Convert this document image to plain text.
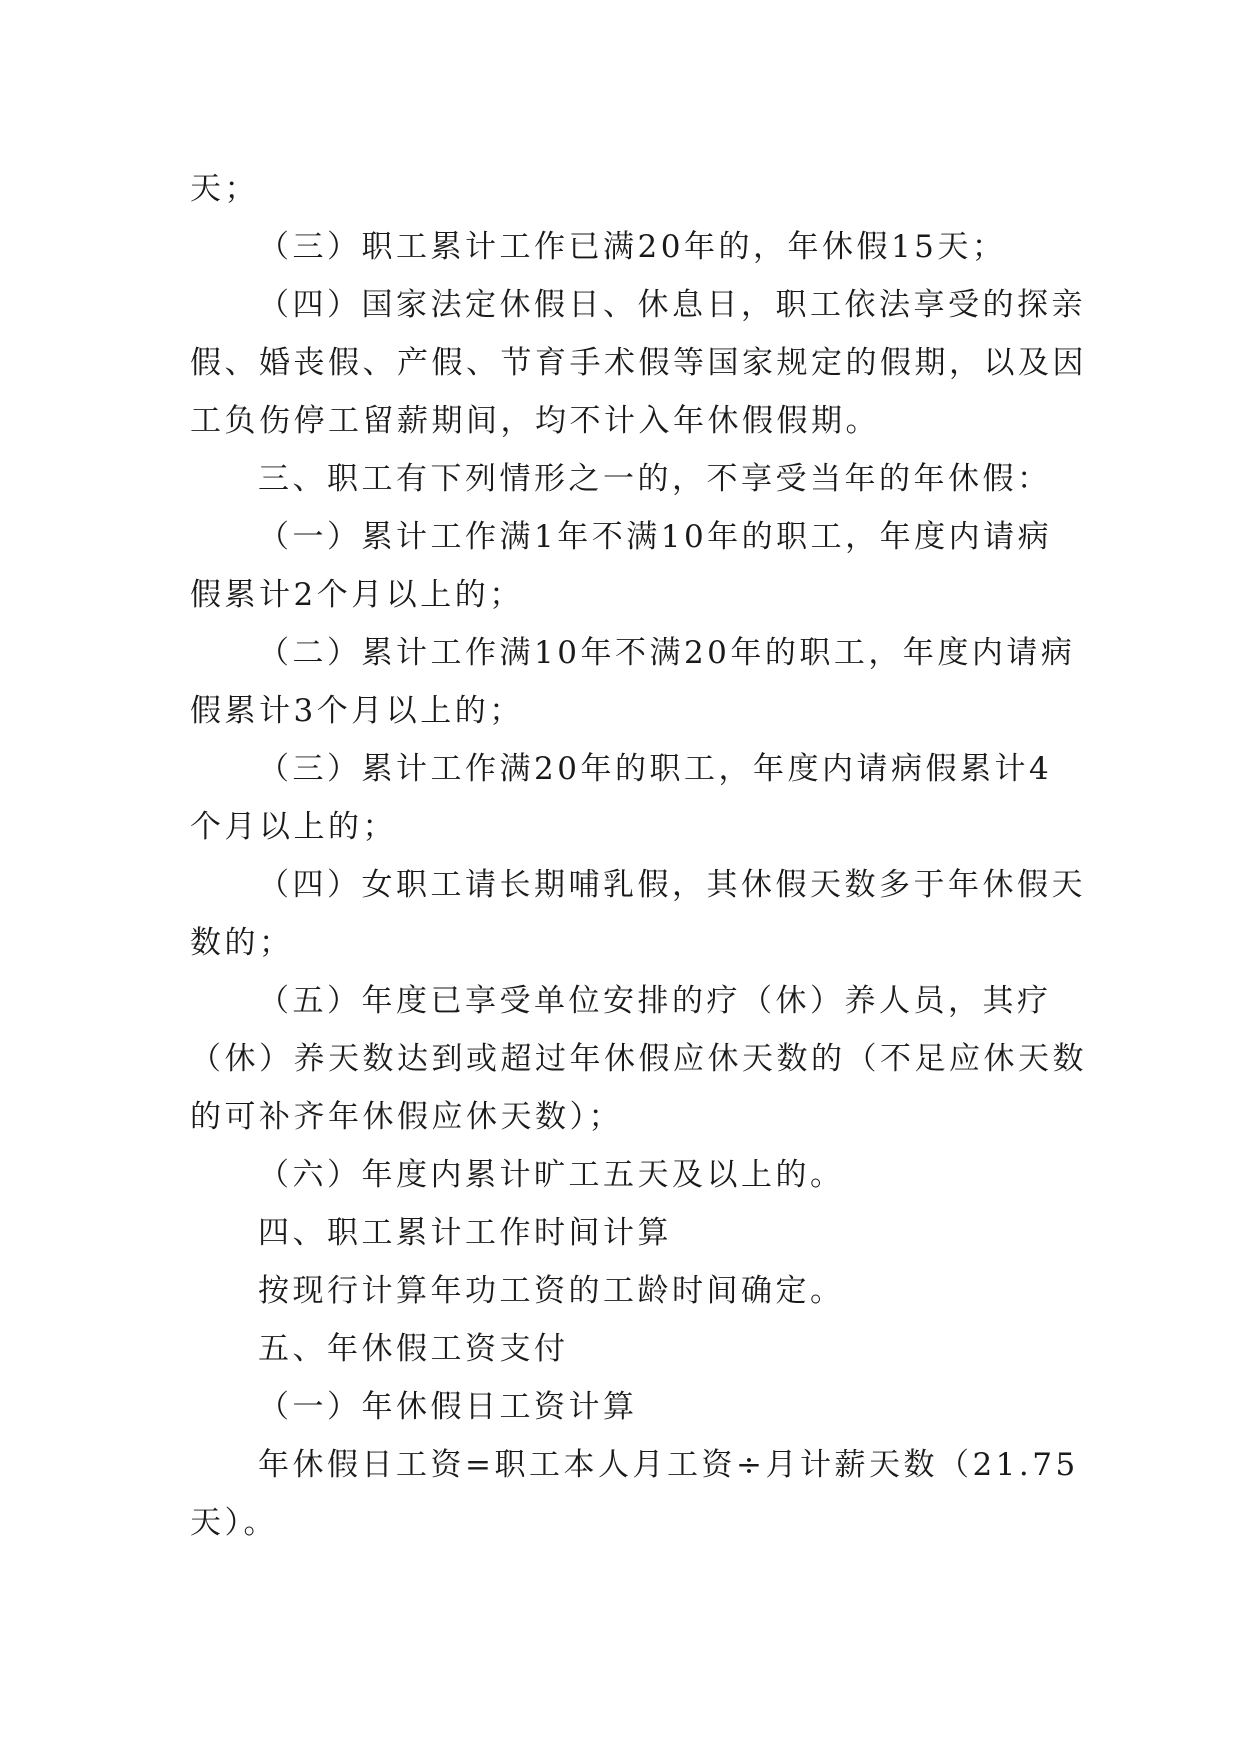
天；
（三）职工累计工作已满20年的，年休假15天；
（四）国家法定休假日、休息日，职工依法享受的探亲
假、婚丧假、产假、节育手术假等国家规定的假期，以及因
工负伤停工留薪期间，均不计入年休假假期。
三、职工有下列情形之一的，不享受当年的年休假：
（一）累计工作满1年不满10年的职工，年度内请病
假累计2个月以上的；
（二）累计工作满10年不满20年的职工，年度内请病
假累计3个月以上的；
（三）累计工作满20年的职工，年度内请病假累计4
个月以上的；
（四）女职工请长期哺乳假，其休假天数多于年休假天
数的；
（五）年度已享受单位安排的疗（休）养人员，其疗
（休）养天数达到或超过年休假应休天数的（不足应休天数
的可补齐年休假应休天数）；
（六）年度内累计旷工五天及以上的。
四、职工累计工作时间计算
按现行计算年功工资的工龄时间确定。
五、年休假工资支付
（一）年休假日工资计算
年休假日工资=职工本人月工资÷月计薪天数（21.75
天）。
